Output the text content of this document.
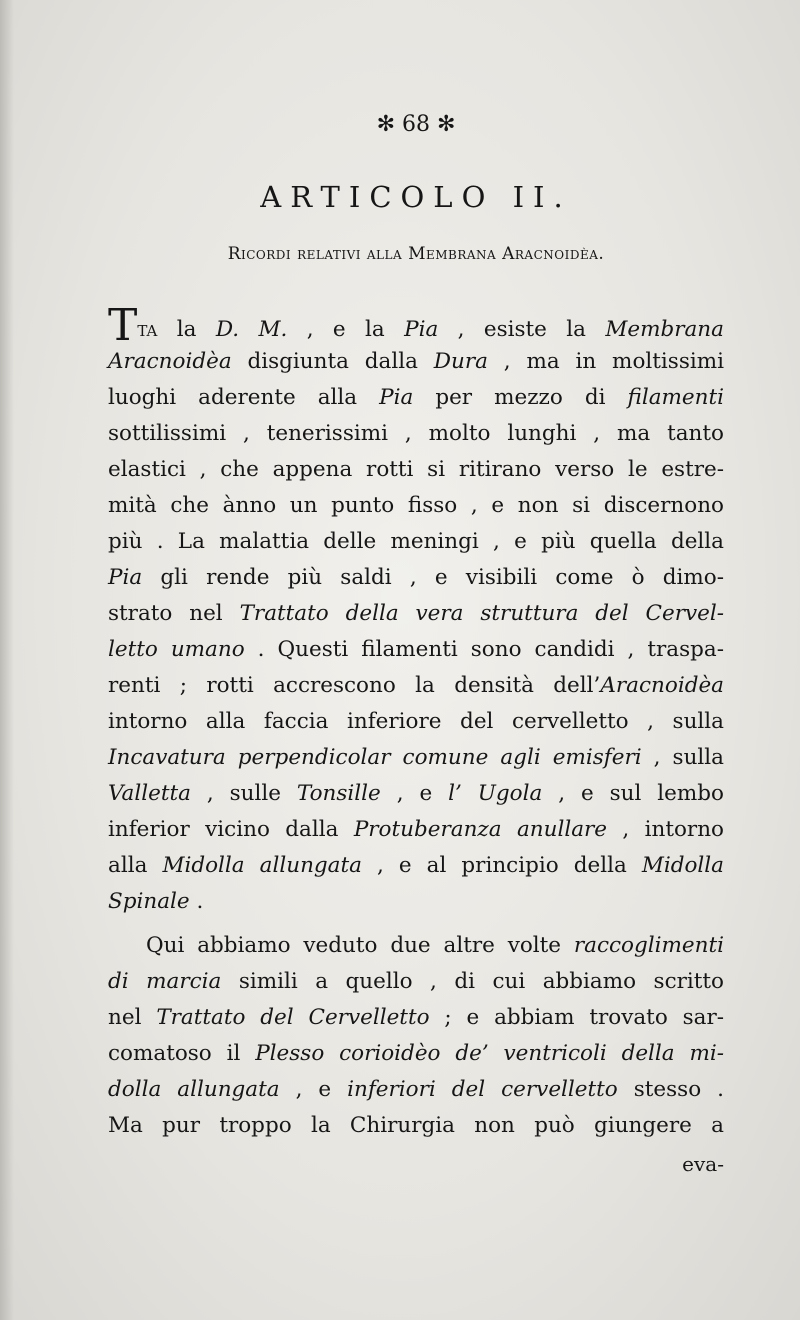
✻ 68 ✻
ARTICOLO II.
Ricordi relativi alla Membrana Aracnoidèa.
Tta la D. M. , e la Pia , esiste la Membrana
Aracnoidèa disgiunta dalla Dura , ma in moltissimi
luoghi aderente alla Pia per mezzo di filamenti
sottilissimi , tenerissimi , molto lunghi , ma tanto
elastici , che appena rotti si ritirano verso le estre-
mità che ànno un punto fisso , e non si discernono
più . La malattia delle meningi , e più quella della
Pia gli rende più saldi , e visibili come ò dimo-
strato nel Trattato della vera struttura del Cervel-
letto umano . Questi filamenti sono candidi , traspa-
renti ; rotti accrescono la densità dell’Aracnoidèa
intorno alla faccia inferiore del cervelletto , sulla
Incavatura perpendicolar comune agli emisferi , sulla
Valletta , sulle Tonsille , e l’ Ugola , e sul lembo
inferior vicino dalla Protuberanza anullare , intorno
alla Midolla allungata , e al principio della Midolla
Spinale .
Qui abbiamo veduto due altre volte raccoglimenti
di marcia simili a quello , di cui abbiamo scritto
nel Trattato del Cervelletto ; e abbiam trovato sar-
comatoso il Plesso corioidèo de’ ventricoli della mi-
dolla allungata , e inferiori del cervelletto stesso .
Ma pur troppo la Chirurgia non può giungere a
eva-
